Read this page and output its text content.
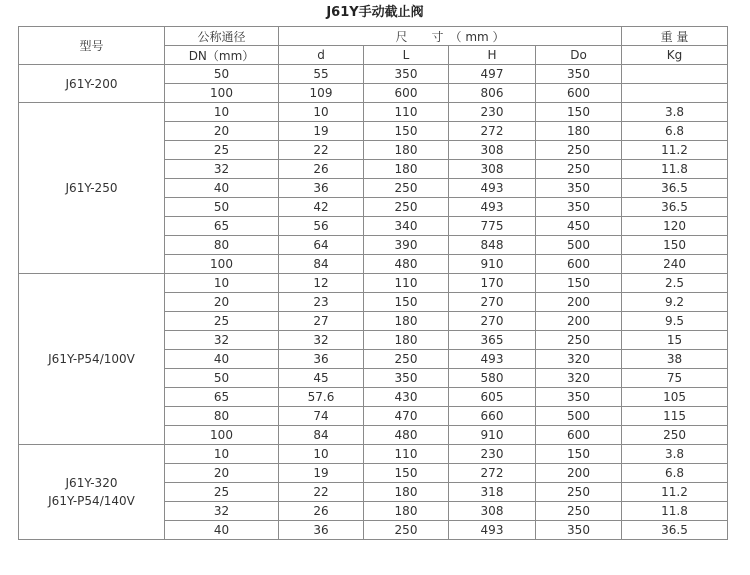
J61Y手动截止阀
型号	公称通径	尺　　寸　（ mm ）				重 量
	DN（mm）	d	L	H	Do	Kg

J61Y-200	50	55	350	497	350	
	100	109	600	806	600	

J61Y-250	10	10	110	230	150	3.8
	20	19	150	272	180	6.8
	25	22	180	308	250	11.2
	32	26	180	308	250	11.8
	40	36	250	493	350	36.5
	50	42	250	493	350	36.5
	65	56	340	775	450	120
	80	64	390	848	500	150
	100	84	480	910	600	240

J61Y-P54/100V	10	12	110	170	150	2.5
	20	23	150	270	200	9.2
	25	27	180	270	200	9.5
	32	32	180	365	250	15
	40	36	250	493	320	38
	50	45	350	580	320	75
	65	57.6	430	605	350	105
	80	74	470	660	500	115
	100	84	480	910	600	250

J61Y-320
J61Y-P54/140V	10	10	110	230	150	3.8
	20	19	150	272	200	6.8
	25	22	180	318	250	11.2
	32	26	180	308	250	11.8
	40	36	250	493	350	36.5
